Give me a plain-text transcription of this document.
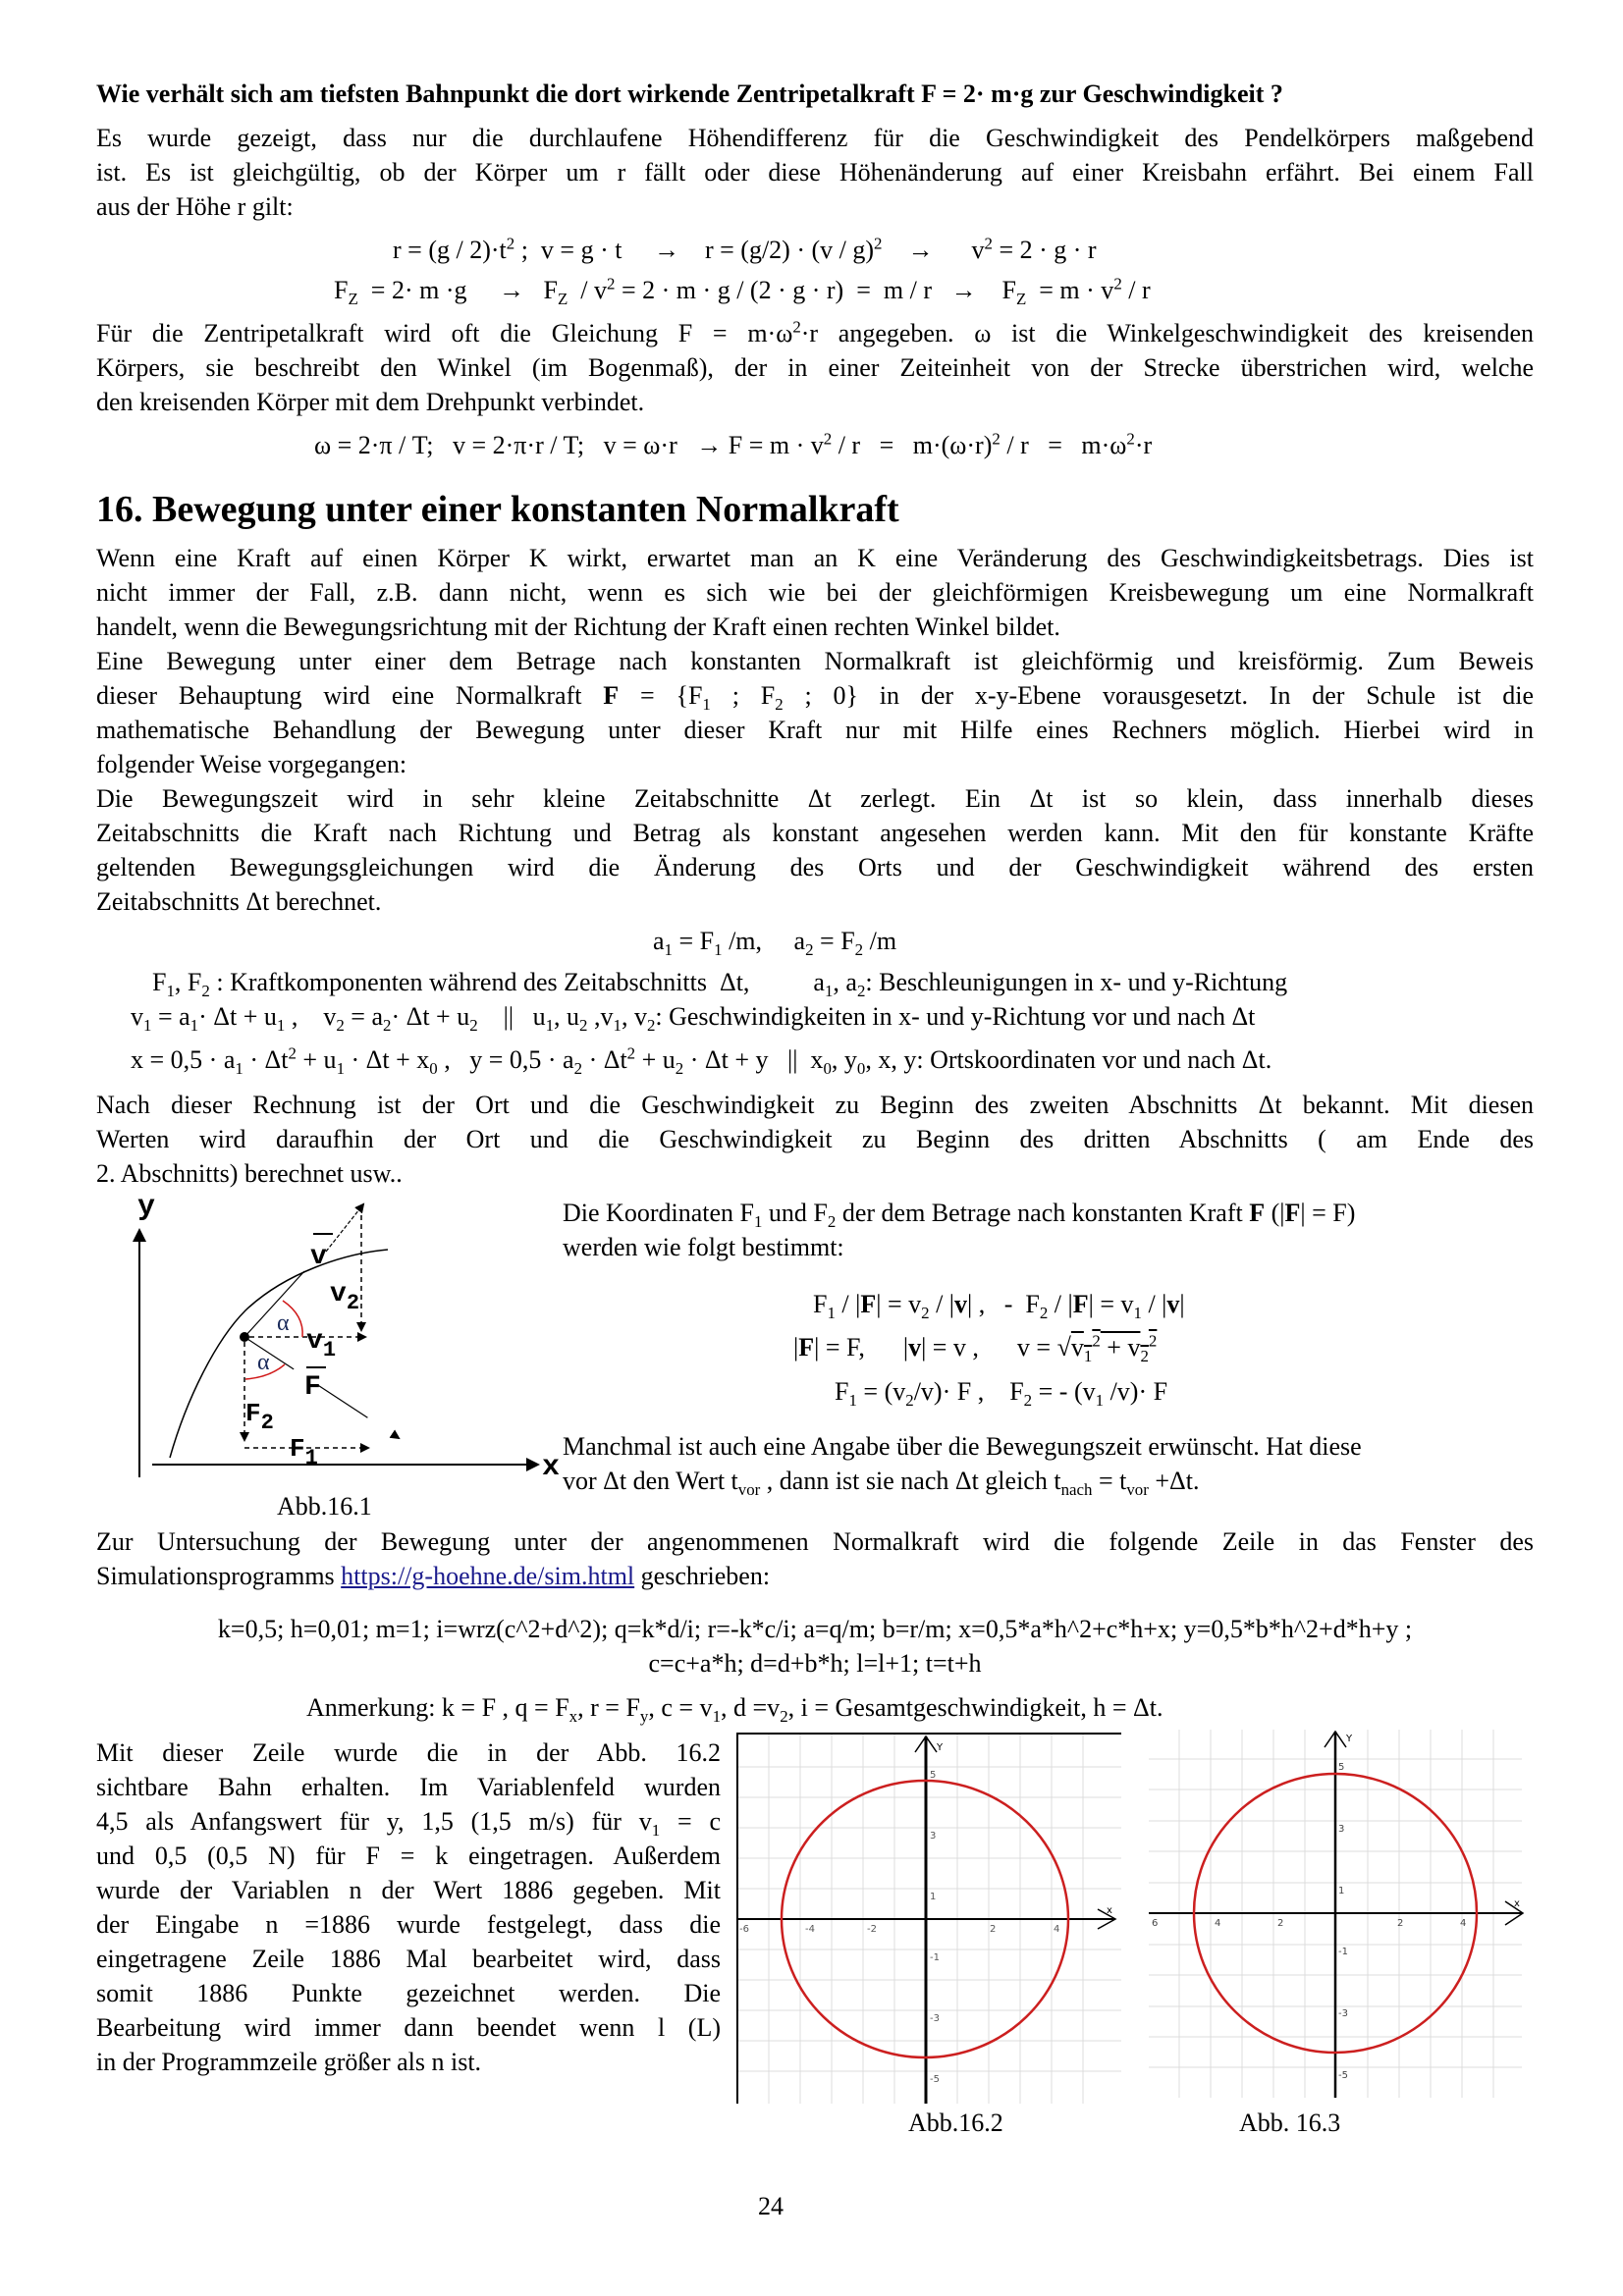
Wie verhält sich am tiefsten Bahnpunkt die dort wirkende Zentripetalkraft F = 2· m·g zur Geschwindigkeit ?
Es wurde gezeigt, dass nur die durchlaufene Höhendifferenz für die Geschwindigkeit des Pendelkörpers maßgebend
ist. Es ist gleichgültig, ob der Körper um r fällt oder diese Höhenänderung auf einer Kreisbahn erfährt. Bei einem Fall
aus der Höhe r gilt:
$r = (g / 2)\cdot t^2$ ;  v = g · t     →    r = (g/2) · (v / g)$^2$    →      $v^2 = 2 \cdot g \cdot r$
$F_Z = 2\cdot m \cdot g$     →   $F_Z / v^2 = 2 \cdot m \cdot g / (2 \cdot g \cdot r) = m / r$   →    $F_Z = m \cdot v^2 / r$
Für die Zentripetalkraft wird oft die Gleichung $F = m\cdot\omega^2\cdot r$ angegeben. ω ist die Winkelgeschwindigkeit des kreisenden
Körpers, sie beschreibt den Winkel (im Bogenmaß), der in einer Zeiteinheit von der Strecke überstrichen wird, welche
den kreisenden Körper mit dem Drehpunkt verbindet.
ω = 2·π / T;   v = 2·π·r / T;   $v = \omega\cdot r \to F = m \cdot v^2 / r = m\cdot(\omega\cdot r)^2 / r = m\cdot\omega^2\cdot r$
16. Bewegung unter einer konstanten Normalkraft
Wenn eine Kraft auf einen Körper K wirkt, erwartet man an K eine Veränderung des Geschwindigkeitsbetrags. Dies ist
nicht immer der Fall, z.B. dann nicht, wenn es sich wie bei der gleichförmigen Kreisbewegung um eine Normalkraft
handelt, wenn die Bewegungsrichtung mit der Richtung der Kraft einen rechten Winkel bildet.
Eine Bewegung unter einer dem Betrage nach konstanten Normalkraft ist gleichförmig und kreisförmig. Zum Beweis
dieser Behauptung wird eine Normalkraft $F = \{F_1$ ; $F_2$ ; 0} in der x-y-Ebene vorausgesetzt. In der Schule ist die
mathematische Behandlung der Bewegung unter dieser Kraft nur mit Hilfe eines Rechners möglich. Hierbei wird in
folgender Weise vorgegangen:
Die Bewegungszeit wird in sehr kleine Zeitabschnitte Δt zerlegt. Ein Δt ist so klein, dass innerhalb dieses
Zeitabschnitts die Kraft nach Richtung und Betrag als konstant angesehen werden kann. Mit den für konstante Kräfte
geltenden Bewegungsgleichungen wird die Änderung des Orts und der Geschwindigkeit während des ersten
Zeitabschnitts Δt berechnet.
$a_1 = F_1$ /m,     $a_2 = F_2$ /m
$F_1$, $F_2$ : Kraftkomponenten während des Zeitabschnitts  Δt,          $a_1$, $a_2$: Beschleunigungen in x- und y-Richtung
$v_1 = a_1\cdot \Delta t + u_1$ ,    $v_2 = a_2\cdot \Delta t + u_2$    ||   $u_1$, $u_2$ $,v_1$, $v_2$: Geschwindigkeiten in x- und y-Richtung vor und nach Δt
$x = 0,5 \cdot a_1 \cdot \Delta t^2 + u_1 \cdot \Delta t + x_0$ ,   $y = 0,5 \cdot a_2 \cdot \Delta t^2 + u_2 \cdot \Delta t + y$   ||  $x_0$, $y_0$, x, y: Ortskoordinaten vor und nach Δt.
Nach dieser Rechnung ist der Ort und die Geschwindigkeit zu Beginn des zweiten Abschnitts Δt bekannt. Mit diesen
Werten wird daraufhin der Ort und die Geschwindigkeit zu Beginn des dritten Abschnitts ( am Ende des
2. Abschnitts) berechnet usw..
y
x
α
α
v
$v_2$
$v_1$
F
$F_2$
$F_1$
Abb.16.1
Die Koordinaten $F_1$ und $F_2$ der dem Betrage nach konstanten Kraft F (|F| = F)
werden wie folgt bestimmt:
$F_1 / |F| = v_2 / |v|$ ,   -  $F_2 / |F| = v_1 / |v|$
|F| = F,      |v| = v ,      $v = √v_1^2 + v_2^2$
$F_1 = (v_2/v)\cdot F$ ,    $F_2$ = - ($v_1$ /v)· F
Manchmal ist auch eine Angabe über die Bewegungszeit erwünscht. Hat diese
vor Δt den Wert $t_{vor}$ , dann ist sie nach Δt gleich $t_{nach} = t_{vor} +\Delta t$.
Zur Untersuchung der Bewegung unter der angenommenen Normalkraft wird die folgende Zeile in das Fenster des
Simulationsprogramms https://g-hoehne.de/sim.html geschrieben:
k=0,5; h=0,01; m=1; i=wrz(c^2+d^2); q=k*d/i; r=-k*c/i; a=q/m; b=r/m; x=0,5*a*h^2+c*h+x; y=0,5*b*h^2+d*h+y ;
c=c+a*h; d=d+b*h; l=l+1; t=t+h
Anmerkung: k = F , $q = F_x$, $r = F_y$, $c = v_1$, $d =v_2$, i = Gesamtgeschwindigkeit, h = Δt.
Mit dieser Zeile wurde die in der Abb. 16.2
sichtbare Bahn erhalten. Im Variablenfeld wurden
4,5 als Anfangswert für y, 1,5 (1,5 m/s) für $v_1 = c$
und 0,5 (0,5 N) für F = k eingetragen. Außerdem
wurde der Variablen n der Wert 1886 gegeben. Mit
der Eingabe n =1886 wurde festgelegt, dass die
eingetragene Zeile 1886 Mal bearbeitet wird, dass
somit 1886 Punkte gezeichnet werden. Die
Bearbeitung wird immer dann beendet wenn l (L)
in der Programmzeile größer als n ist.
x
Y
-6	-4	-2	2	4
5
3
1
-1
-3
-5
Abb.16.2
x
Y
6	4	2	2	4
5
3
1
-1
-3
-5
Abb. 16.3
24
